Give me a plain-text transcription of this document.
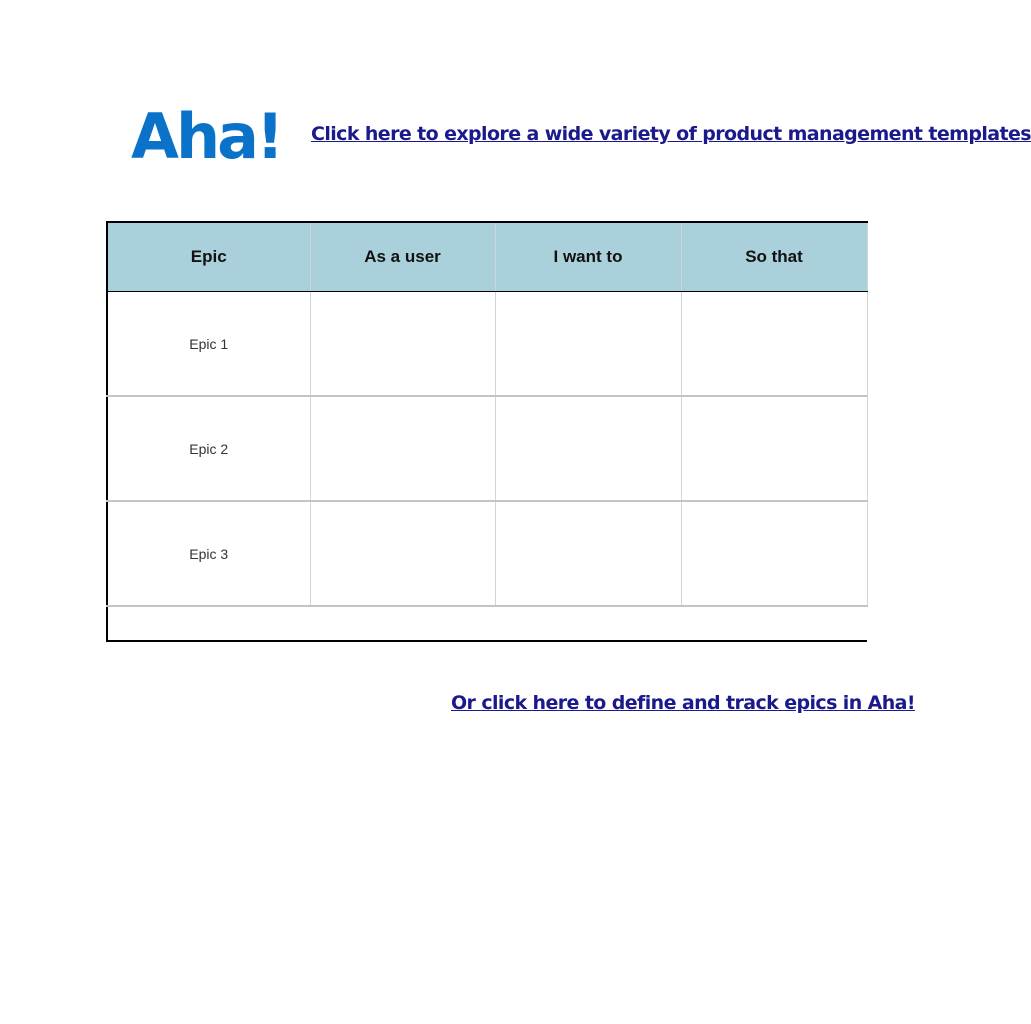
Aha! Click here to explore a wide variety of product management templates
Epic	As a user	I want to	So that
Epic 1			
Epic 2			
Epic 3			

Or click here to define and track epics in Aha!
